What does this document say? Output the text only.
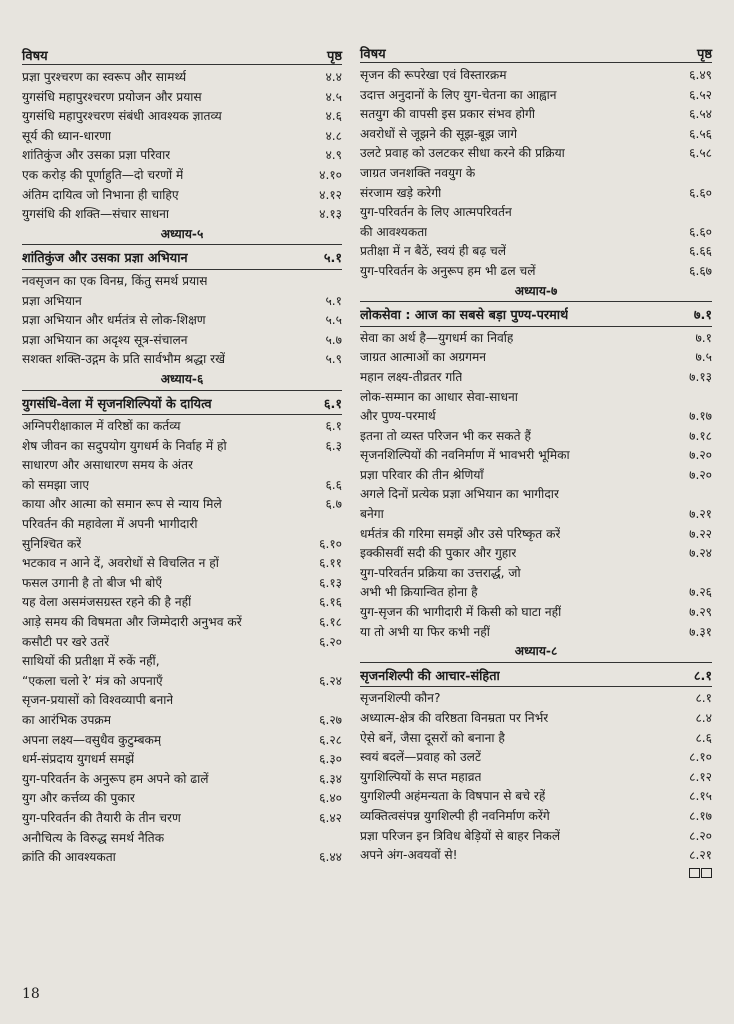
विषय	पृष्ठ
प्रज्ञा पुरश्चरण का स्वरूप और सामर्थ्य	४.४
युगसंधि महापुरश्चरण प्रयोजन और प्रयास	४.५
युगसंधि महापुरश्चरण संबंधी आवश्यक ज्ञातव्य	४.६
सूर्य की ध्यान-धारणा	४.८
शांतिकुंज और उसका प्रज्ञा परिवार	४.९
एक करोड़ की पूर्णाहुति—दो चरणों में	४.१०
अंतिम दायित्व जो निभाना ही चाहिए	४.१२
युगसंधि की शक्ति—संचार साधना	४.१३
अध्याय-५
शांतिकुंज और उसका प्रज्ञा अभियान	५.१
नवसृजन का एक विनम्र, किंतु समर्थ प्रयास
प्रज्ञा अभियान	५.१
प्रज्ञा अभियान और धर्मतंत्र से लोक-शिक्षण	५.५
प्रज्ञा अभियान का अदृश्य सूत्र-संचालन	५.७
सशक्त शक्ति-उद्गम के प्रति सार्वभौम श्रद्धा रखें	५.९
अध्याय-६
युगसंधि-वेला में सृजनशिल्पियों के दायित्व	६.१
अग्निपरीक्षाकाल में वरिष्ठों का कर्तव्य	६.१
शेष जीवन का सदुपयोग युगधर्म के निर्वाह में हो	६.३
साधारण और असाधारण समय के अंतर
को समझा जाए	६.६
काया और आत्मा को समान रूप से न्याय मिले	६.७
परिवर्तन की महावेला में अपनी भागीदारी
सुनिश्चित करें	६.१०
भटकाव न आने दें, अवरोधों से विचलित न हों	६.११
फसल उगानी है तो बीज भी बोएँ	६.१३
यह वेला असमंजसग्रस्त रहने की है नहीं	६.१६
आड़े समय की विषमता और जिम्मेदारी अनुभव करें	६.१८
कसौटी पर खरे उतरें	६.२०
साथियों की प्रतीक्षा में रुकें नहीं,
“एकला चलो रे’ मंत्र को अपनाएँ	६.२४
सृजन-प्रयासों को विश्वव्यापी बनाने
का आरंभिक उपक्रम	६.२७
अपना लक्ष्य—वसुधैव कुटुम्बकम्	६.२८
धर्म-संप्रदाय युगधर्म समझें	६.३०
युग-परिवर्तन के अनुरूप हम अपने को ढालें	६.३४
युग और कर्त्तव्य की पुकार	६.४०
युग-परिवर्तन की तैयारी के तीन चरण	६.४२
अनौचित्य के विरुद्ध समर्थ नैतिक
क्रांति की आवश्यकता	६.४४
विषय	पृष्ठ
सृजन की रूपरेखा एवं विस्तारक्रम	६.४९
उदात्त अनुदानों के लिए युग-चेतना का आह्वान	६.५२
सतयुग की वापसी इस प्रकार संभव होगी	६.५४
अवरोधों से जूझने की सूझ-बूझ जागे	६.५६
उलटे प्रवाह को उलटकर सीधा करने की प्रक्रिया	६.५८
जाग्रत जनशक्ति नवयुग के
संरजाम खड़े करेगी	६.६०
युग-परिवर्तन के लिए आत्मपरिवर्तन
की आवश्यकता	६.६०
प्रतीक्षा में न बैठें, स्वयं ही बढ़ चलें	६.६६
युग-परिवर्तन के अनुरूप हम भी ढल चलें	६.६७
अध्याय-७
लोकसेवा : आज का सबसे बड़ा पुण्य-परमार्थ	७.१
सेवा का अर्थ है—युगधर्म का निर्वाह	७.१
जाग्रत आत्माओं का अग्रगमन	७.५
महान लक्ष्य-तीव्रतर गति	७.१३
लोक-सम्मान का आधार सेवा-साधना
और पुण्य-परमार्थ	७.१७
इतना तो व्यस्त परिजन भी कर सकते हैं	७.१८
सृजनशिल्पियों की नवनिर्माण में भावभरी भूमिका	७.२०
प्रज्ञा परिवार की तीन श्रेणियाँ	७.२०
अगले दिनों प्रत्येक प्रज्ञा अभियान का भागीदार
बनेगा	७.२१
धर्मतंत्र की गरिमा समझें और उसे परिष्कृत करें	७.२२
इक्कीसवीं सदी की पुकार और गुहार	७.२४
युग-परिवर्तन प्रक्रिया का उत्तरार्द्ध, जो
अभी भी क्रियान्वित होना है	७.२६
युग-सृजन की भागीदारी में किसी को घाटा नहीं	७.२९
या तो अभी या फिर कभी नहीं	७.३१
अध्याय-८
सृजनशिल्पी की आचार-संहिता	८.१
सृजनशिल्पी कौन?	८.१
अध्यात्म-क्षेत्र की वरिष्ठता विनम्रता पर निर्भर	८.४
ऐसे बनें, जैसा दूसरों को बनाना है	८.६
स्वयं बदलें—प्रवाह को उलटें	८.१०
युगशिल्पियों के सप्त महाव्रत	८.१२
युगशिल्पी अहंमन्यता के विषपान से बचे रहें	८.१५
व्यक्तित्वसंपन्न युगशिल्पी ही नवनिर्माण करेंगे	८.१७
प्रज्ञा परिजन इन त्रिविध बेड़ियों से बाहर निकलें	८.२०
अपने अंग-अवयवों से!	८.२१
18
